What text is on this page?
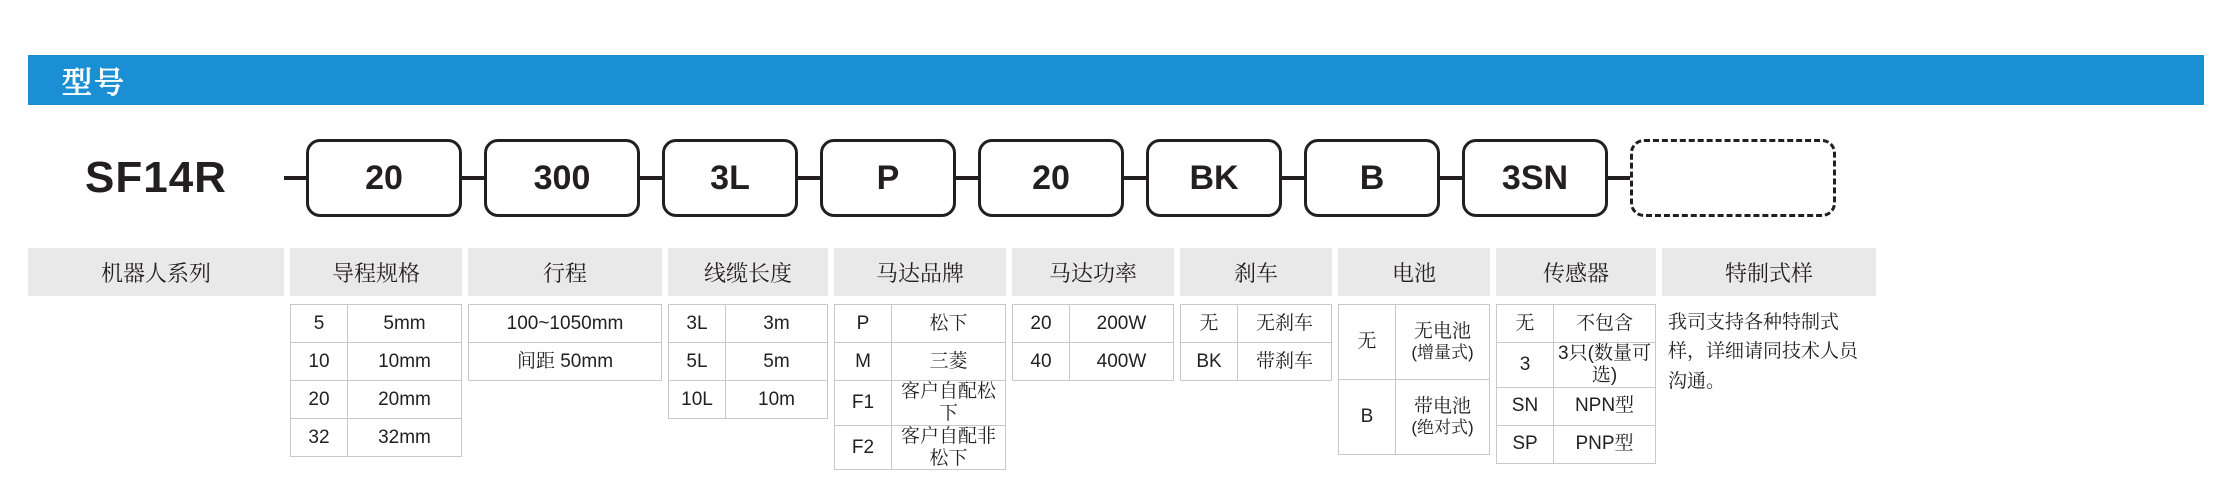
型号
SF14R	20	300	3L	P	20	BK	B	3SN
机器人系列	导程规格	行程	线缆长度	马达品牌	马达功率	刹车	电池	传感器	特制式样
5	5mm
10	10mm
20	20mm
32	32mm
100~1050mm
间距 50mm
3L	3m
5L	5m
10L	10m
P	松下
M	三菱
F1	客户自配松下
F2	客户自配非松下
20	200W
40	400W
无	无刹车
BK	带刹车
无	无电池
(增量式)

B	带电池
(绝对式)
无	不包含
3	3只(数量可选)
SN	NPN型
SP	PNP型
我司支持各种特制式样，详细请同技术人员沟通。
